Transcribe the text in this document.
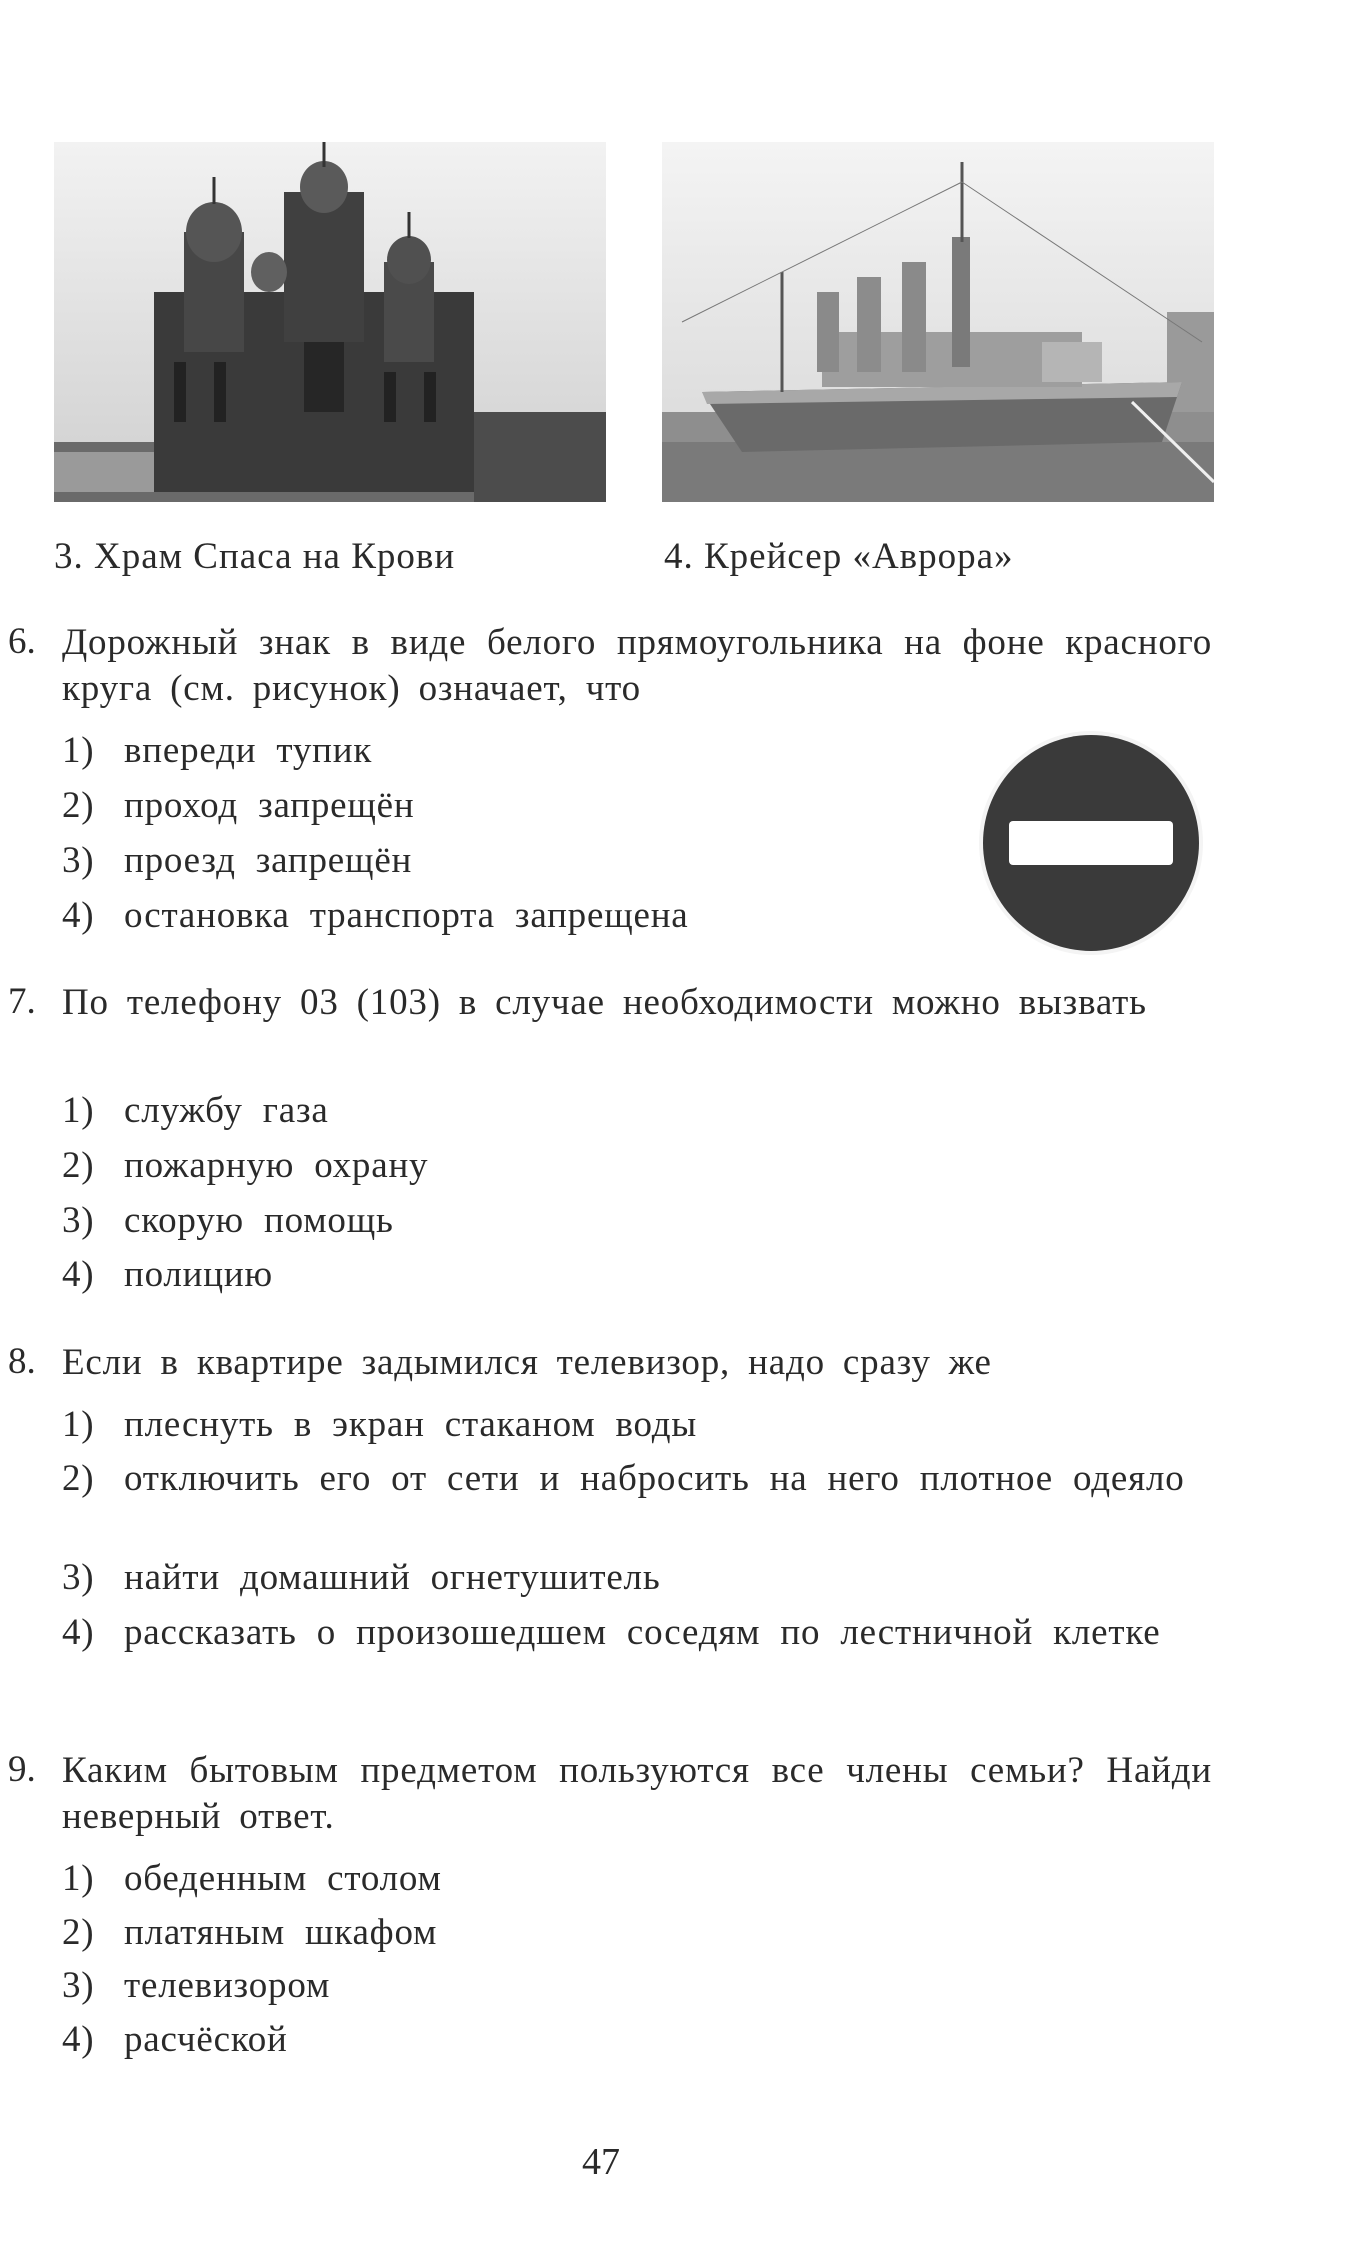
3. Храм Спаса на Крови	4. Крейсер «Аврора»
6. Дорожный знак в виде белого прямоугольника на фоне красного круга (см. рисунок) означает, что
1) впереди тупик
2) проход запрещён
3) проезд запрещён
4) остановка транспорта запрещена
7. По телефону 03 (103) в случае необходимости можно вызвать
1) службу газа
2) пожарную охрану
3) скорую помощь
4) полицию
8. Если в квартире задымился телевизор, надо сразу же
1) плеснуть в экран стаканом воды
2) отключить его от сети и набросить на него плотное одеяло
3) найти домашний огнетушитель
4) рассказать о произошедшем соседям по лестничной клетке
9. Каким бытовым предметом пользуются все члены семьи? Найди неверный ответ.
1) обеденным столом
2) платяным шкафом
3) телевизором
4) расчёской
47
